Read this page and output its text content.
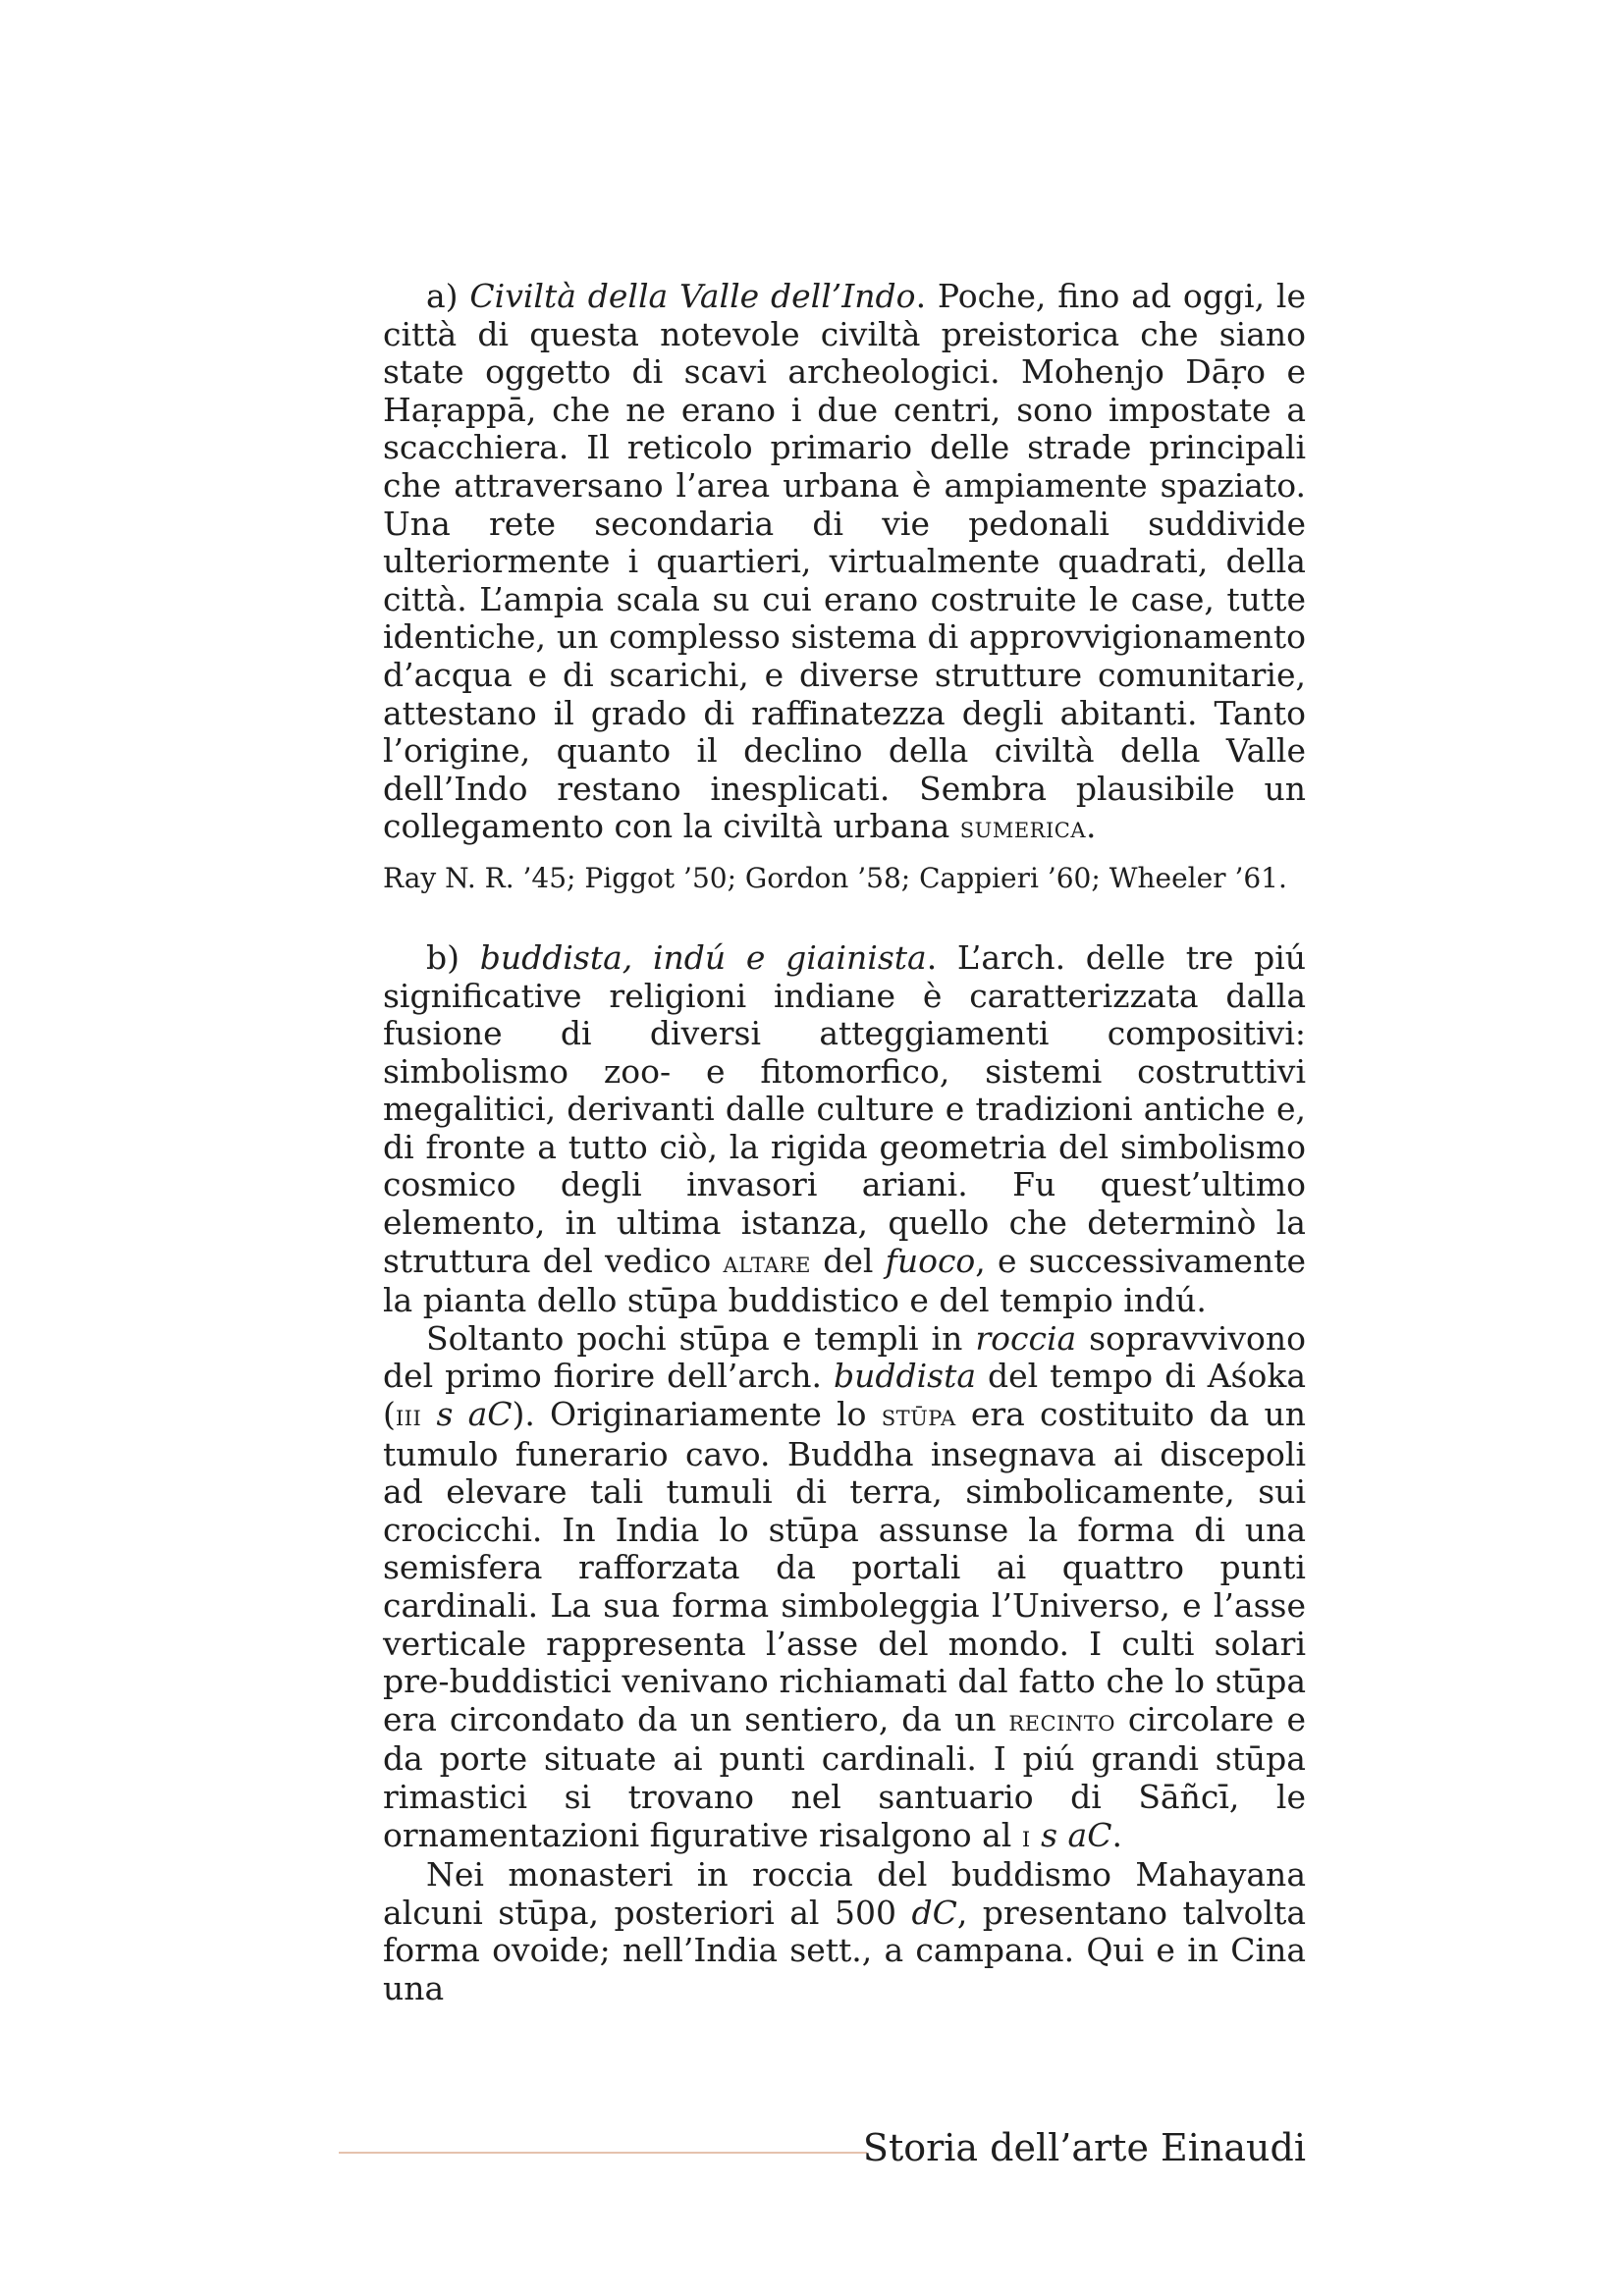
a) Civiltà della Valle dell’Indo. Poche, fino ad oggi, le città di questa notevole civiltà preistorica che siano state oggetto di scavi archeologici. Mohenjo Dāṛo e Haṛappā, che ne erano i due centri, sono impostate a scacchiera. Il reticolo primario delle strade principali che attraversano l’area urbana è ampiamente spaziato. Una rete secondaria di vie pedonali suddivide ulteriormente i quartieri, virtualmente quadrati, della città. L’ampia scala su cui erano costruite le case, tutte identiche, un complesso sistema di approvvigionamento d’acqua e di scarichi, e diverse strutture comunitarie, attestano il grado di raffinatezza degli abitanti. Tanto l’origine, quanto il declino della civiltà della Valle dell’Indo restano inesplicati. Sembra plausibile un collegamento con la civiltà urbana sumerica.

Ray N. R. ’45; Piggot ’50; Gordon ’58; Cappieri ’60; Wheeler ’61.

b) buddista, indú e giainista. L’arch. delle tre piú significative religioni indiane è caratterizzata dalla fusione di diversi atteggiamenti compositivi: simbolismo zoo- e fitomorfico, sistemi costruttivi megalitici, derivanti dalle culture e tradizioni antiche e, di fronte a tutto ciò, la rigida geometria del simbolismo cosmico degli invasori ariani. Fu quest’ultimo elemento, in ultima istanza, quello che determinò la struttura del vedico altare del fuoco, e successivamente la pianta dello stūpa buddistico e del tempio indú.

Soltanto pochi stūpa e templi in roccia sopravvivono del primo fiorire dell’arch. buddista del tempo di Aśoka (iii s aC). Originariamente lo stūpa era costituito da un tumulo funerario cavo. Buddha insegnava ai discepoli ad elevare tali tumuli di terra, simbolicamente, sui crocicchi. In India lo stūpa assunse la forma di una semisfera rafforzata da portali ai quattro punti cardinali. La sua forma simboleggia l’Universo, e l’asse verticale rappresenta l’asse del mondo. I culti solari pre-buddistici venivano richiamati dal fatto che lo stūpa era circondato da un sentiero, da un recinto circolare e da porte situate ai punti cardinali. I piú grandi stūpa rimastici si trovano nel santuario di Sāñcī, le ornamentazioni figurative risalgono al i s aC.

Nei monasteri in roccia del buddismo Mahayana alcuni stūpa, posteriori al 500 dC, presentano talvolta forma ovoide; nell’India sett., a campana. Qui e in Cina una

Storia dell’arte Einaudi
